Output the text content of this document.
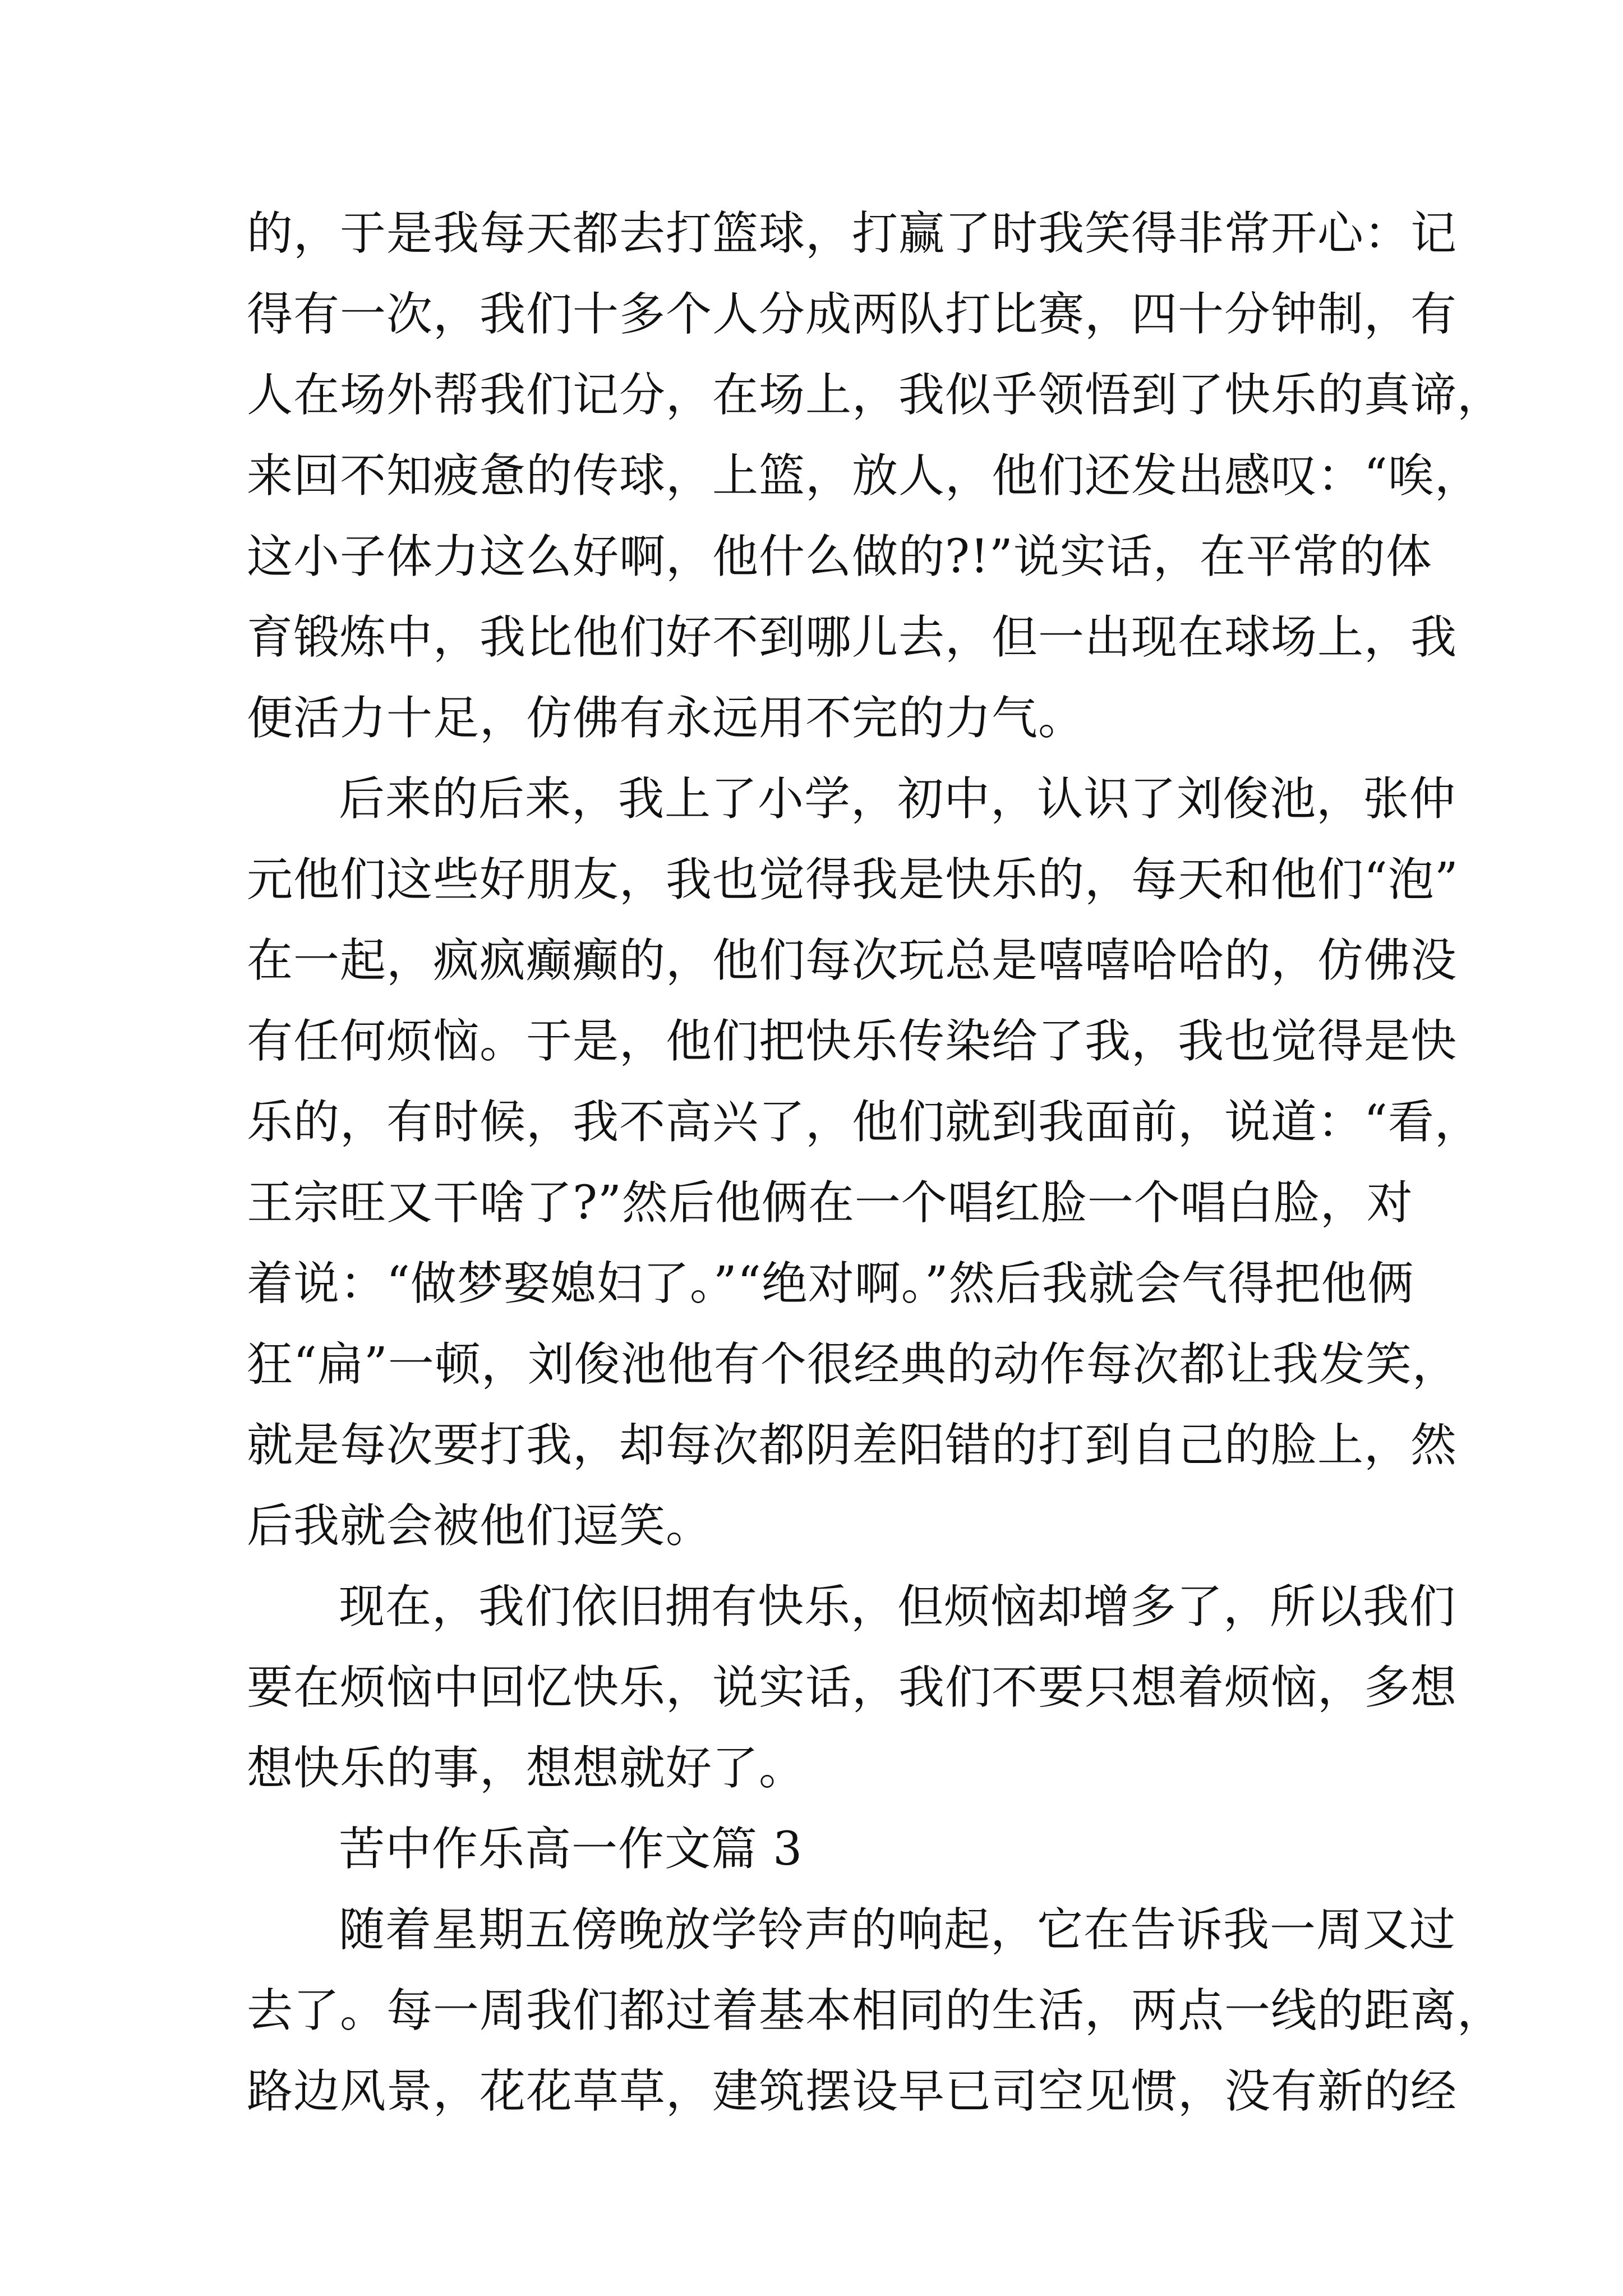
的，于是我每天都去打篮球，打赢了时我笑得非常开心：记
得有一次，我们十多个人分成两队打比赛，四十分钟制，有
人在场外帮我们记分，在场上，我似乎领悟到了快乐的真谛，
来回不知疲惫的传球，上篮，放人，他们还发出感叹：“唉，
这小子体力这么好啊，他什么做的?!”说实话，在平常的体
育锻炼中，我比他们好不到哪儿去，但一出现在球场上，我
便活力十足，仿佛有永远用不完的力气。
后来的后来，我上了小学，初中，认识了刘俊池，张仲
元他们这些好朋友，我也觉得我是快乐的，每天和他们“泡”
在一起，疯疯癫癫的，他们每次玩总是嘻嘻哈哈的，仿佛没
有任何烦恼。于是，他们把快乐传染给了我，我也觉得是快
乐的，有时候，我不高兴了，他们就到我面前，说道：“看，
王宗旺又干啥了?”然后他俩在一个唱红脸一个唱白脸，对
着说：“做梦娶媳妇了。”“绝对啊。”然后我就会气得把他俩
狂“扁”一顿，刘俊池他有个很经典的动作每次都让我发笑，
就是每次要打我，却每次都阴差阳错的打到自己的脸上，然
后我就会被他们逗笑。
现在，我们依旧拥有快乐，但烦恼却增多了，所以我们
要在烦恼中回忆快乐，说实话，我们不要只想着烦恼，多想
想快乐的事，想想就好了。
苦中作乐高一作文篇 3
随着星期五傍晚放学铃声的响起，它在告诉我一周又过
去了。每一周我们都过着基本相同的生活，两点一线的距离，
路边风景，花花草草，建筑摆设早已司空见惯，没有新的经
